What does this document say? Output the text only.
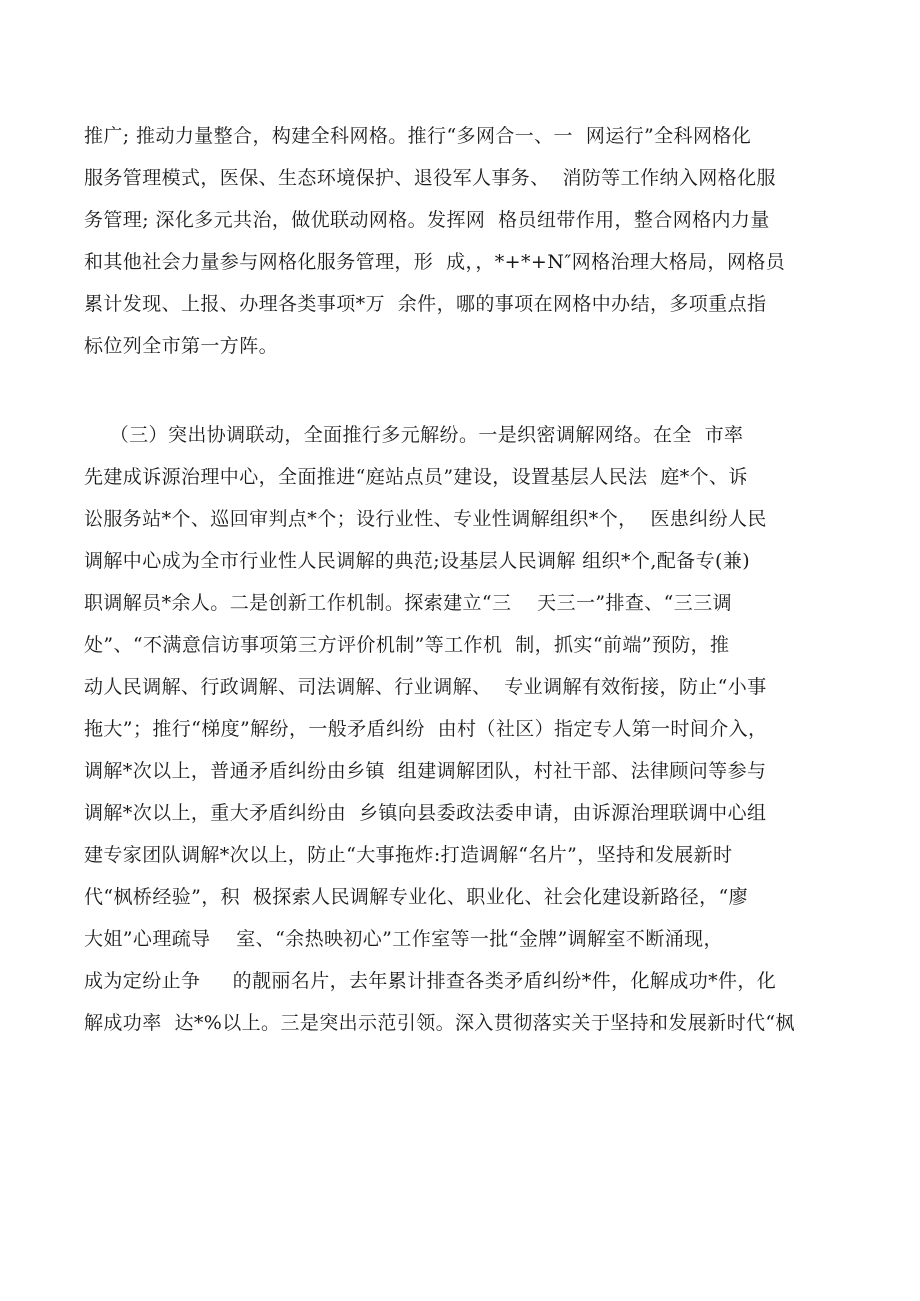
推广; 推动力量整合，构建全科网格。推行“多网合一、一  网运行”全科网格化
服务管理模式，医保、生态环境保护、退役军人事务、  消防等工作纳入网格化服
务管理; 深化多元共治，做优联动网格。发挥网  格员纽带作用，整合网格内力量
和其他社会力量参与网格化服务管理，形  成，，*+*+N″网格治理大格局，网格员
累计发现、上报、办理各类事项*万  余件，哪的事项在网格中办结，多项重点指
标位列全市第一方阵。
（三）突出协调联动，全面推行多元解纷。一是织密调解网络。在全  市率
先建成诉源治理中心，全面推进“庭站点员”建设，设置基层人民法  庭*个、诉
讼服务站*个、巡回审判点*个；设行业性、专业性调解组织*个，  医患纠纷人民
调解中心成为全市行业性人民调解的典范;设基层人民调解 组织*个,配备专(兼)
职调解员*余人。二是创新工作机制。探索建立“三    天三一”排查、“三三调
处”、“不满意信访事项第三方评价机制”等工作机  制，抓实“前端”预防，推
动人民调解、行政调解、司法调解、行业调解、  专业调解有效衔接，防止“小事
拖大”；推行“梯度”解纷，一般矛盾纠纷  由村（社区）指定专人第一时间介入，
调解*次以上，普通矛盾纠纷由乡镇  组建调解团队，村社干部、法律顾问等参与
调解*次以上，重大矛盾纠纷由  乡镇向县委政法委申请，由诉源治理联调中心组
建专家团队调解*次以上，防止“大事拖炸:打造调解“名片”，坚持和发展新时
代“枫桥经验”，积  极探索人民调解专业化、职业化、社会化建设新路径，“廖
大姐”心理疏导    室、“余热映初心”工作室等一批“金牌”调解室不断涌现，
成为定纷止争     的靓丽名片，去年累计排查各类矛盾纠纷*件，化解成功*件，化
解成功率  达*%以上。三是突出示范引领。深入贯彻落实关于坚持和发展新时代“枫
